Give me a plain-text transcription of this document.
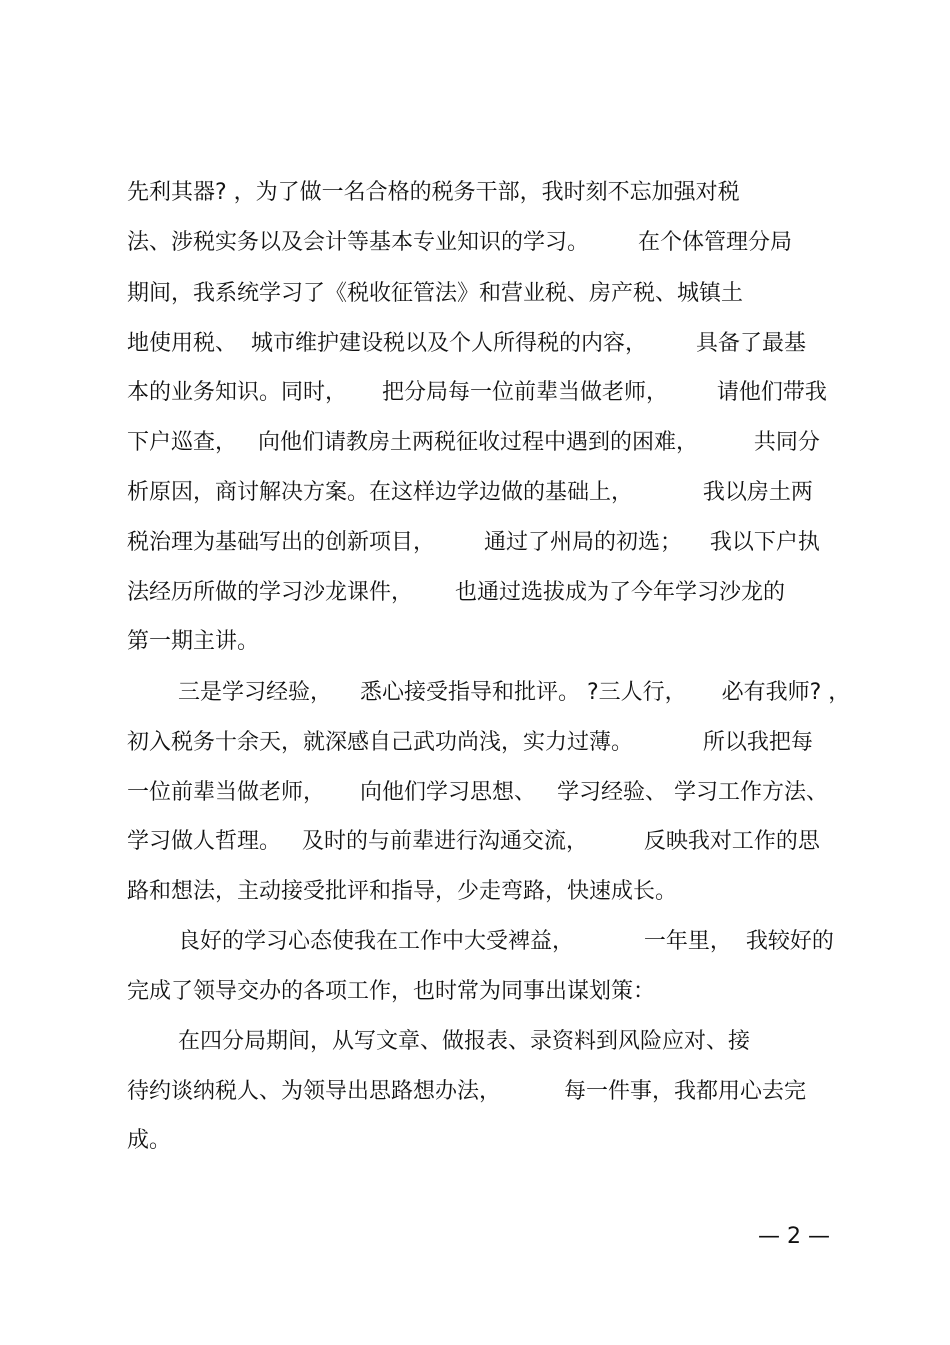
先利其器? ，为了做一名合格的税务干部，我时刻不忘加强对税
法、涉税实务以及会计等基本专业知识的学习。       在个体管理分局
期间，我系统学习了《税收征管法》和营业税、房产税、城镇土
地使用税、  城市维护建设税以及个人所得税的内容，       具备了最基
本的业务知识。同时，     把分局每一位前辈当做老师，       请他们带我
下户巡查，   向他们请教房土两税征收过程中遇到的困难，        共同分
析原因，商讨解决方案。在这样边学边做的基础上，          我以房土两
税治理为基础写出的创新项目，       通过了州局的初选；    我以下户执
法经历所做的学习沙龙课件，      也通过选拔成为了今年学习沙龙的
第一期主讲。
三是学习经验，    悉心接受指导和批评。 ?三人行，     必有我师? ，
初入税务十余天，就深感自己武功尚浅，实力过薄。          所以我把每
一位前辈当做老师，     向他们学习思想、   学习经验、 学习工作方法、
学习做人哲理。   及时的与前辈进行沟通交流，        反映我对工作的思
路和想法，主动接受批评和指导，少走弯路，快速成长。
良好的学习心态使我在工作中大受裨益，          一年里，  我较好的
完成了领导交办的各项工作，也时常为同事出谋划策：
在四分局期间，从写文章、做报表、录资料到风险应对、接
待约谈纳税人、为领导出思路想办法，         每一件事，我都用心去完
成。
— 2 —
